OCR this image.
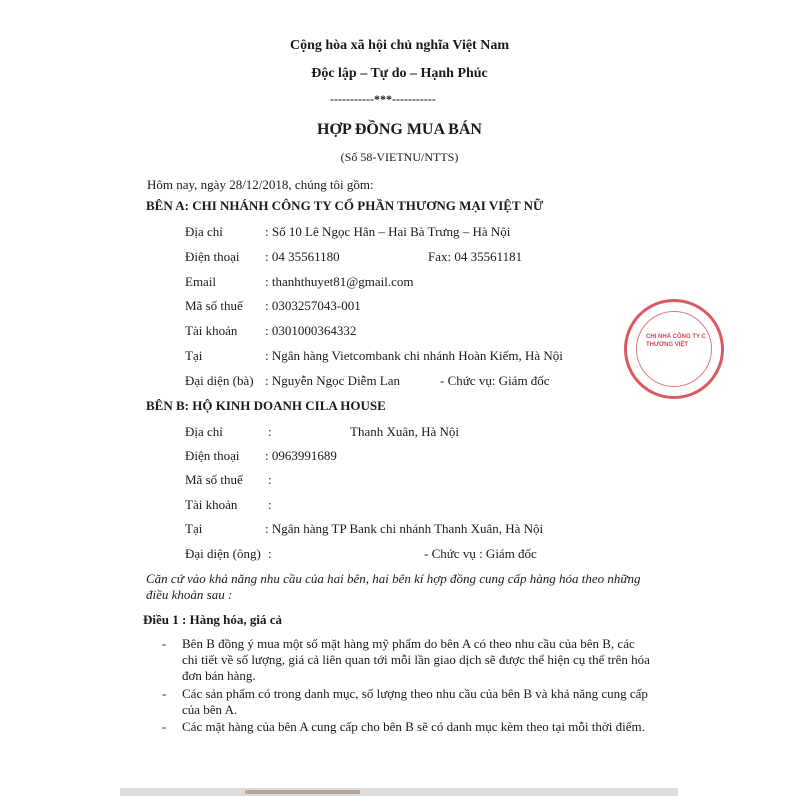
Cộng hòa xã hội chủ nghĩa Việt Nam
Độc lập – Tự do – Hạnh Phúc
-----------***-----------
HỢP ĐỒNG MUA BÁN
(Số 58-VIETNU/NTTS)
Hôm nay, ngày 28/12/2018, chúng tôi gồm:
BÊN A: CHI NHÁNH CÔNG TY CỔ PHẦN THƯƠNG MẠI VIỆT NỮ
Địa chỉ	: Số 10 Lê Ngọc Hân – Hai Bà Trưng – Hà Nội
Điện thoại : 04 35561180	Fax: 04 35561181
Email	: thanhthuyet81@gmail.com
Mã số thuế : 0303257043-001
Tài khoản : 0301000364332
Tại	: Ngân hàng Vietcombank chi nhánh Hoàn Kiếm, Hà Nội
Đại diện (bà) : Nguyễn Ngọc Diễm Lan	- Chức vụ: Giám đốc
CHI NHÁ CÔNG TY C THƯƠNG VIỆT
BÊN B: HỘ KINH DOANH CILA HOUSE
Địa chỉ	:	Thanh Xuân, Hà Nội
Điện thoại : 0963991689
Mã số thuế :
Tài khoản :
Tại	: Ngân hàng TP Bank chi nhánh Thanh Xuân, Hà Nội
Đại diện (ông) :	- Chức vụ : Giám đốc
Căn cứ vào khả năng nhu cầu của hai bên, hai bên kí hợp đồng cung cấp hàng hóa theo những
điều khoản sau :
Điều 1 : Hàng hóa, giá cả
- Bên B đồng ý mua một số mặt hàng mỹ phẩm do bên A có theo nhu cầu của bên B, các
chi tiết về số lượng, giá cả liên quan tới mỗi lần giao dịch sẽ được thể hiện cụ thể trên hóa
đơn bán hàng.
- Các sản phẩm có trong danh mục, số lượng theo nhu cầu của bên B và khả năng cung cấp
của bên A.
- Các mặt hàng của bên A cung cấp cho bên B sẽ có danh mục kèm theo tại mỗi thời điểm.
